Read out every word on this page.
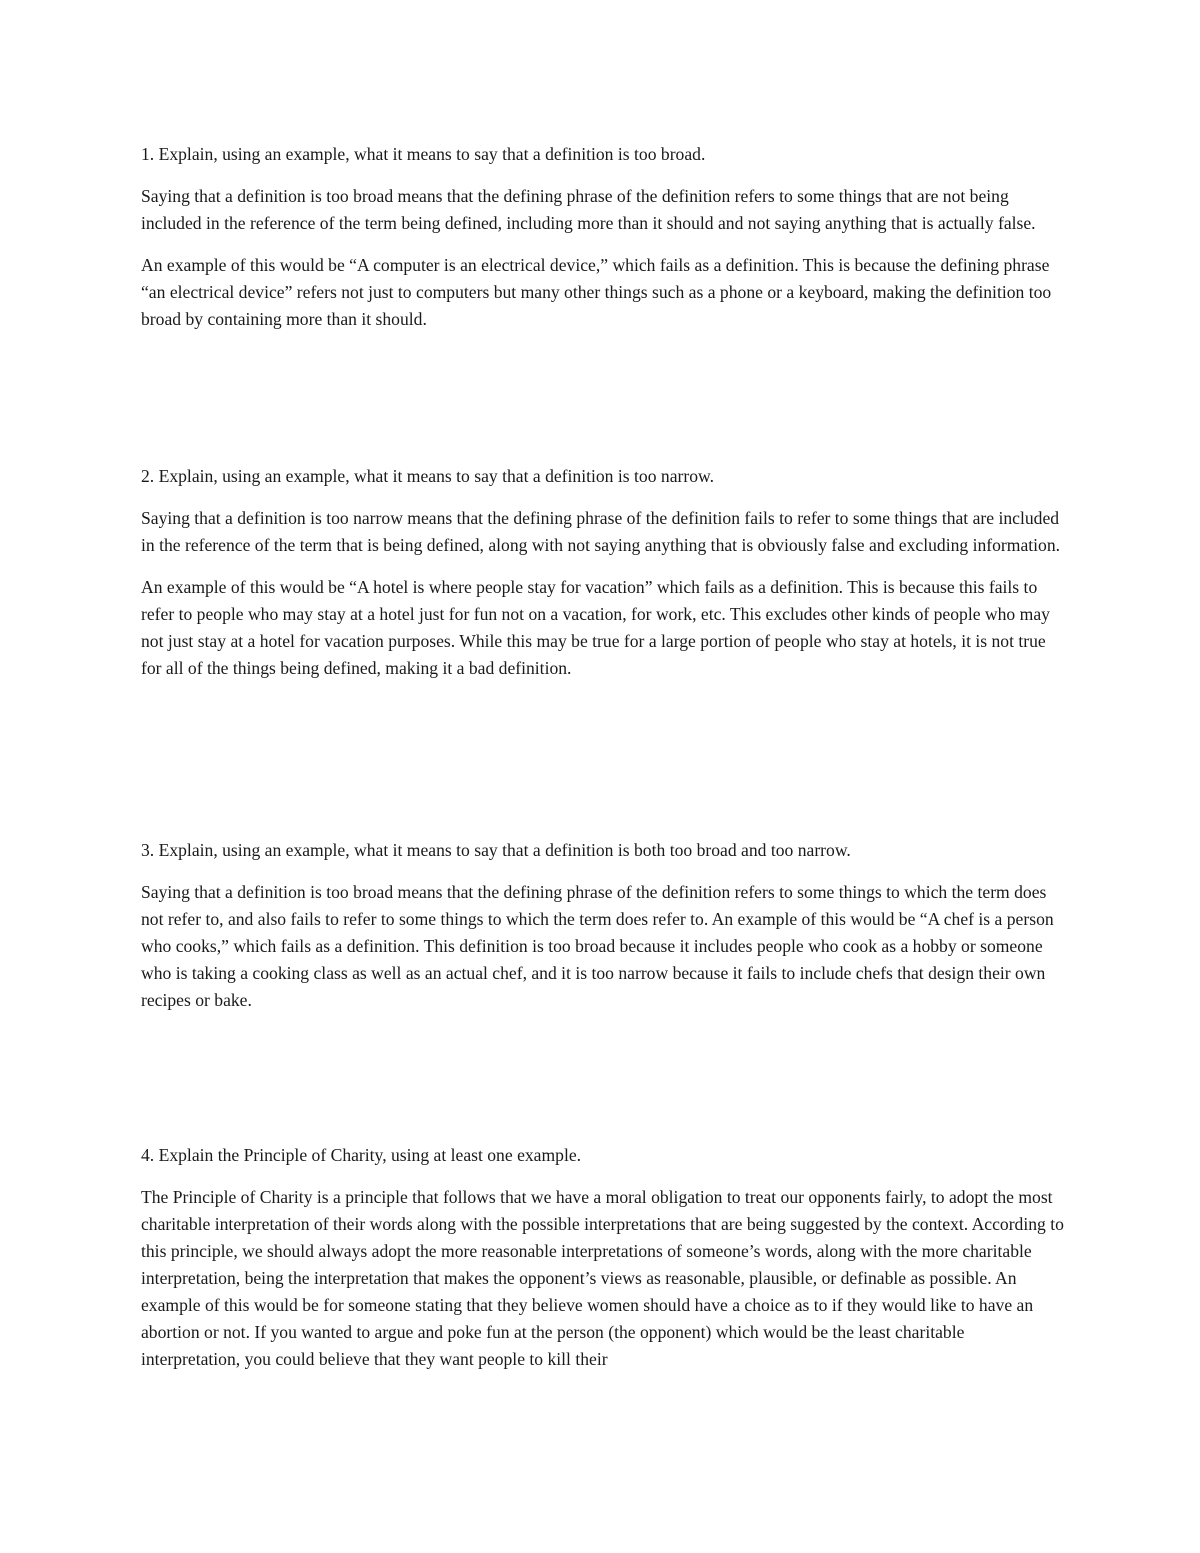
1. Explain, using an example, what it means to say that a definition is too broad.

Saying that a definition is too broad means that the defining phrase of the definition refers to some things that are not being included in the reference of the term being defined, including more than it should and not saying anything that is actually false.

An example of this would be “A computer is an electrical device,” which fails as a definition. This is because the defining phrase “an electrical device” refers not just to computers but many other things such as a phone or a keyboard, making the definition too broad by containing more than it should.

2. Explain, using an example, what it means to say that a definition is too narrow.

Saying that a definition is too narrow means that the defining phrase of the definition fails to refer to some things that are included in the reference of the term that is being defined, along with not saying anything that is obviously false and excluding information.

An example of this would be “A hotel is where people stay for vacation” which fails as a definition. This is because this fails to refer to people who may stay at a hotel just for fun not on a vacation, for work, etc. This excludes other kinds of people who may not just stay at a hotel for vacation purposes. While this may be true for a large portion of people who stay at hotels, it is not true for all of the things being defined, making it a bad definition.

3. Explain, using an example, what it means to say that a definition is both too broad and too narrow.

Saying that a definition is too broad means that the defining phrase of the definition refers to some things to which the term does not refer to, and also fails to refer to some things to which the term does refer to. An example of this would be “A chef is a person who cooks,” which fails as a definition. This definition is too broad because it includes people who cook as a hobby or someone who is taking a cooking class as well as an actual chef, and it is too narrow because it fails to include chefs that design their own recipes or bake.

4. Explain the Principle of Charity, using at least one example.

The Principle of Charity is a principle that follows that we have a moral obligation to treat our opponents fairly, to adopt the most charitable interpretation of their words along with the possible interpretations that are being suggested by the context. According to this principle, we should always adopt the more reasonable interpretations of someone’s words, along with the more charitable interpretation, being the interpretation that makes the opponent’s views as reasonable, plausible, or definable as possible. An example of this would be for someone stating that they believe women should have a choice as to if they would like to have an abortion or not. If you wanted to argue and poke fun at the person (the opponent) which would be the least charitable interpretation, you could believe that they want people to kill their
